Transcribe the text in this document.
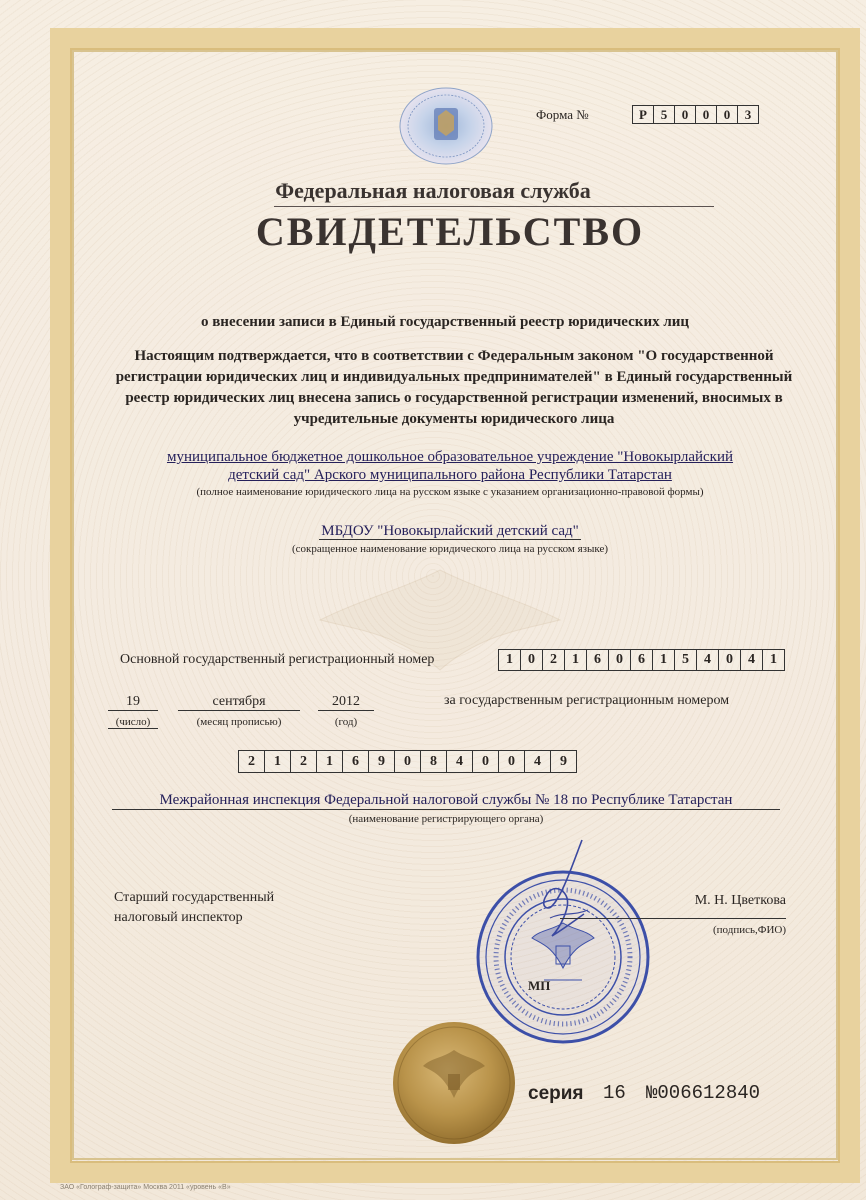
Форма №	Р	5	0	0	0	3
Федеральная налоговая служба
СВИДЕТЕЛЬСТВО
о внесении записи в Единый государственный реестр юридических лиц
Настоящим подтверждается, что в соответствии с Федеральным законом "О государственной регистрации юридических лиц и индивидуальных предпринимателей" в Единый государственный реестр юридических лиц внесена запись о государственной регистрации изменений, вносимых в учредительные документы юридического лица
муниципальное бюджетное дошкольное образовательное учреждение "Новокырлайский
детский сад" Арского муниципального района Республики Татарстан
(полное наименование юридического лица на русском языке с указанием организационно-правовой формы)
МБДОУ "Новокырлайский детский сад"
(сокращенное наименование юридического лица на русском языке)
Основной государственный регистрационный номер	1	0	2	1	6	0	6	1	5	4	0	4	1
19	сентября	2012
(число)	(месяц прописью)	(год)
за государственным регистрационным номером
2	1	2	1	6	9	0	8	4	0	0	4	9
Межрайонная инспекция Федеральной налоговой службы № 18 по Республике Татарстан
(наименование регистрирующего органа)
Старший государственный
налоговый инспектор
М. Н. Цветкова
(подпись,ФИО)
МП
серия 16 №006612840
ЗАО «Голограф-защита» Москва 2011 «уровень «В»
